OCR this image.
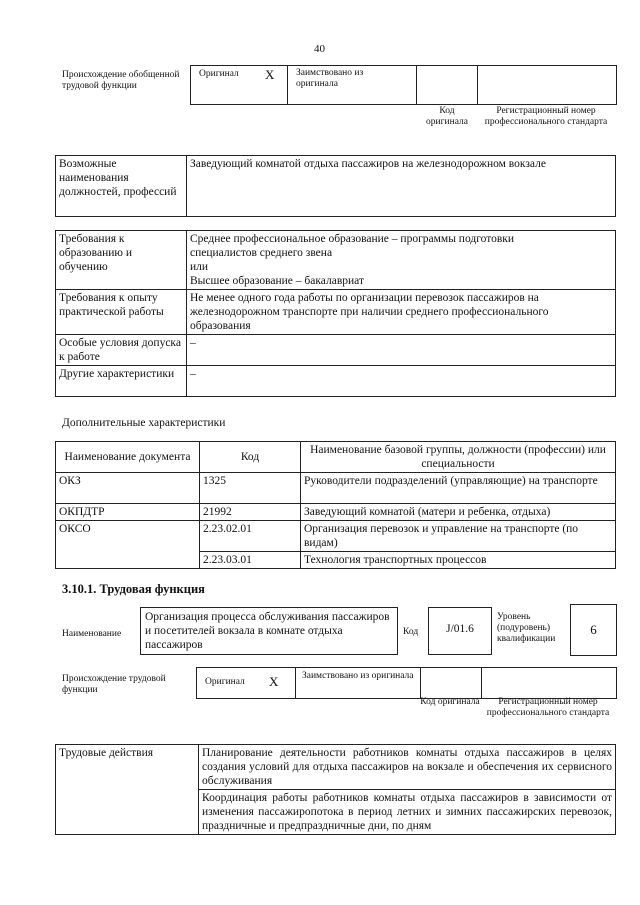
40
Происхождение обобщенной трудовой функции
Оригинал X Заимствовано из оригинала
Код оригинала
Регистрационный номер профессионального стандарта
Возможные наименования должностей, профессий	Заведующий комнатой отдыха пассажиров на железнодорожном вокзале
Требования к образованию и обучению	Среднее профессиональное образование – программы подготовки
специалистов среднего звена
или
Высшее образование – бакалавриат

Требования к опыту практической работы	Не менее одного года работы по организации перевозок пассажиров на
железнодорожном транспорте при наличии среднего профессионального
образования

Особые условия допуска к работе	–
Другие характеристики	–
Дополнительные характеристики
Наименование документа	Код	Наименование базовой группы, должности (профессии) или специальности
ОКЗ	1325	Руководители подразделений (управляющие) на транспорте
ОКПДТР	21992	Заведующий комнатой (матери и ребенка, отдыха)
ОКСО	2.23.02.01	Организация перевозок и управление на транспорте (по видам)
	2.23.03.01	Технология транспортных процессов
3.10.1. Трудовая функция
Наименование
Организация процесса обслуживания пассажиров и посетителей вокзала в комнате отдыха пассажиров
Код	J/01.6
Уровень (подуровень) квалификации
6
Происхождение трудовой функции
Оригинал X Заимствовано из оригинала
Код оригинала	Регистрационный номер профессионального стандарта
Трудовые действия	Планирование деятельности работников комнаты отдыха пассажиров в целях создания условий для отдыха пассажиров на вокзале и обеспечения их сервисного обслуживания
Координация работы работников комнаты отдыха пассажиров в зависимости от изменения пассажиропотока в период летних и зимних пассажирских перевозок, праздничные и предпраздничные дни, по дням
